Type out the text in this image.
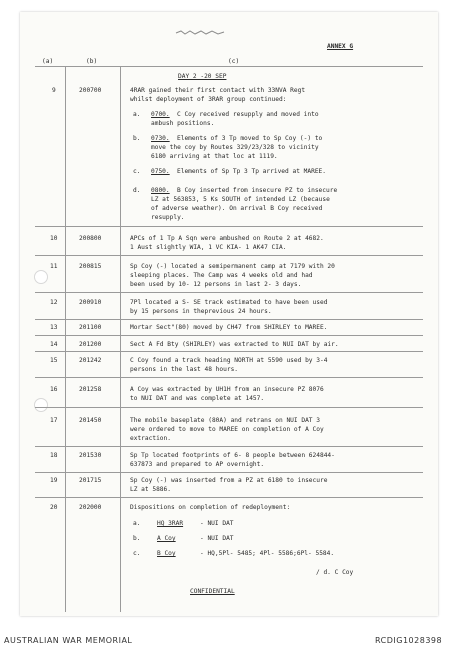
ANNEX G
(a)	(b)	(c)
DAY 2 -20 SEP
9	200700	4RAR gained their first contact with 33NVA Regt
whilst deployment of 3RAR group continued:
a. 0700. C Coy received resupply and moved into
ambush positions.
b. 0730. Elements of 3 Tp moved to Sp Coy (-) to
move the coy by Routes 329/23/328 to vicinity
6180 arriving at that loc at 1119.
c. 0750. Elements of Sp Tp 3 Tp arrived at MAREE.
d. 0800. B Coy inserted from insecure PZ to insecure
LZ at 563853, 5 Ks SOUTH of intended LZ (because
of adverse weather). On arrival B Coy received
resupply.
10	200800	APCs of 1 Tp A Sqn were ambushed on Route 2 at 4682.
1 Aust slightly WIA, 1 VC KIA- 1 AK47 CIA.
11	200815	Sp Coy (-) located a semipermanent camp at 7179 with 20
sleeping places. The Camp was 4 weeks old and had
been used by 10- 12 persons in last 2- 3 days.
12	200910	7Pl located a S- SE track estimated to have been used
by 15 persons in theprevious 24 hours.
13	201100	Mortar Sect"(80) moved by CH47 from SHIRLEY to MAREE.
14	201200	Sect A Fd Bty (SHIRLEY) was extracted to NUI DAT by air.
15	201242	C Coy found a track heading NORTH at 5590 used by 3-4
persons in the last 48 hours.
16	201258	A Coy was extracted by UH1H from an insecure PZ 8076
to NUI DAT and was complete at 1457.
17	201450	The mobile baseplate (80A) and retrans on NUI DAT 3
were ordered to move to MAREE on completion of A Coy
extraction.
18	201530	Sp Tp located footprints of 6- 8 people between 624844-
637873 and prepared to AP overnight.
19	201715	Sp Coy (-) was inserted from a PZ at 6180 to insecure
LZ at 5886.
20	202000	Dispositions on completion of redeployment:
a.	HQ 3RAR	- NUI DAT
b.	A Coy	- NUI DAT
c.	B Coy	- HQ,5Pl- 5485; 4Pl- 5586;6Pl- 5584.
/ d. C Coy
CONFIDENTIAL
AUSTRALIAN WAR MEMORIAL	RCDIG1028398
